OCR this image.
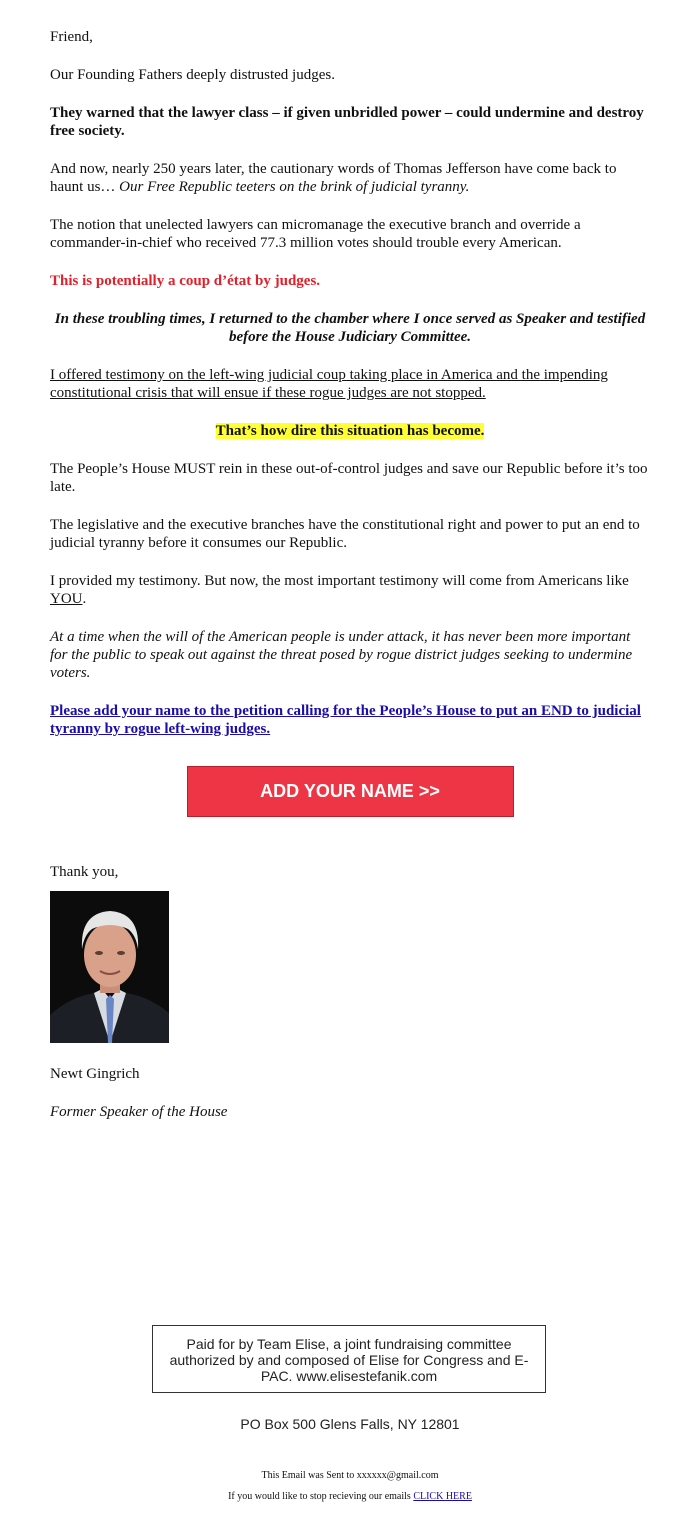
Friend,

Our Founding Fathers deeply distrusted judges.

They warned that the lawyer class – if given unbridled power – could undermine and destroy free society.

And now, nearly 250 years later, the cautionary words of Thomas Jefferson have come back to haunt us… Our Free Republic teeters on the brink of judicial tyranny.

The notion that unelected lawyers can micromanage the executive branch and override a commander-in-chief who received 77.3 million votes should trouble every American.

This is potentially a coup d’état by judges.

In these troubling times, I returned to the chamber where I once served as Speaker and testified before the House Judiciary Committee.

I offered testimony on the left-wing judicial coup taking place in America and the impending constitutional crisis that will ensue if these rogue judges are not stopped.

That’s how dire this situation has become.

The People’s House MUST rein in these out-of-control judges and save our Republic before it’s too late.

The legislative and the executive branches have the constitutional right and power to put an end to judicial tyranny before it consumes our Republic.

I provided my testimony. But now, the most important testimony will come from Americans like YOU.

At a time when the will of the American people is under attack, it has never been more important for the public to speak out against the threat posed by rogue district judges seeking to undermine voters.

Please add your name to the petition calling for the People’s House to put an END to judicial tyranny by rogue left-wing judges.

ADD YOUR NAME >>

Thank you,

Newt Gingrich

Former Speaker of the House

Paid for by Team Elise, a joint fundraising committee authorized by and composed of Elise for Congress and E-PAC. www.elisestefanik.com
PO Box 500 Glens Falls, NY 12801
This Email was Sent to xxxxxx@gmail.com
If you would like to stop recieving our emails CLICK HERE
